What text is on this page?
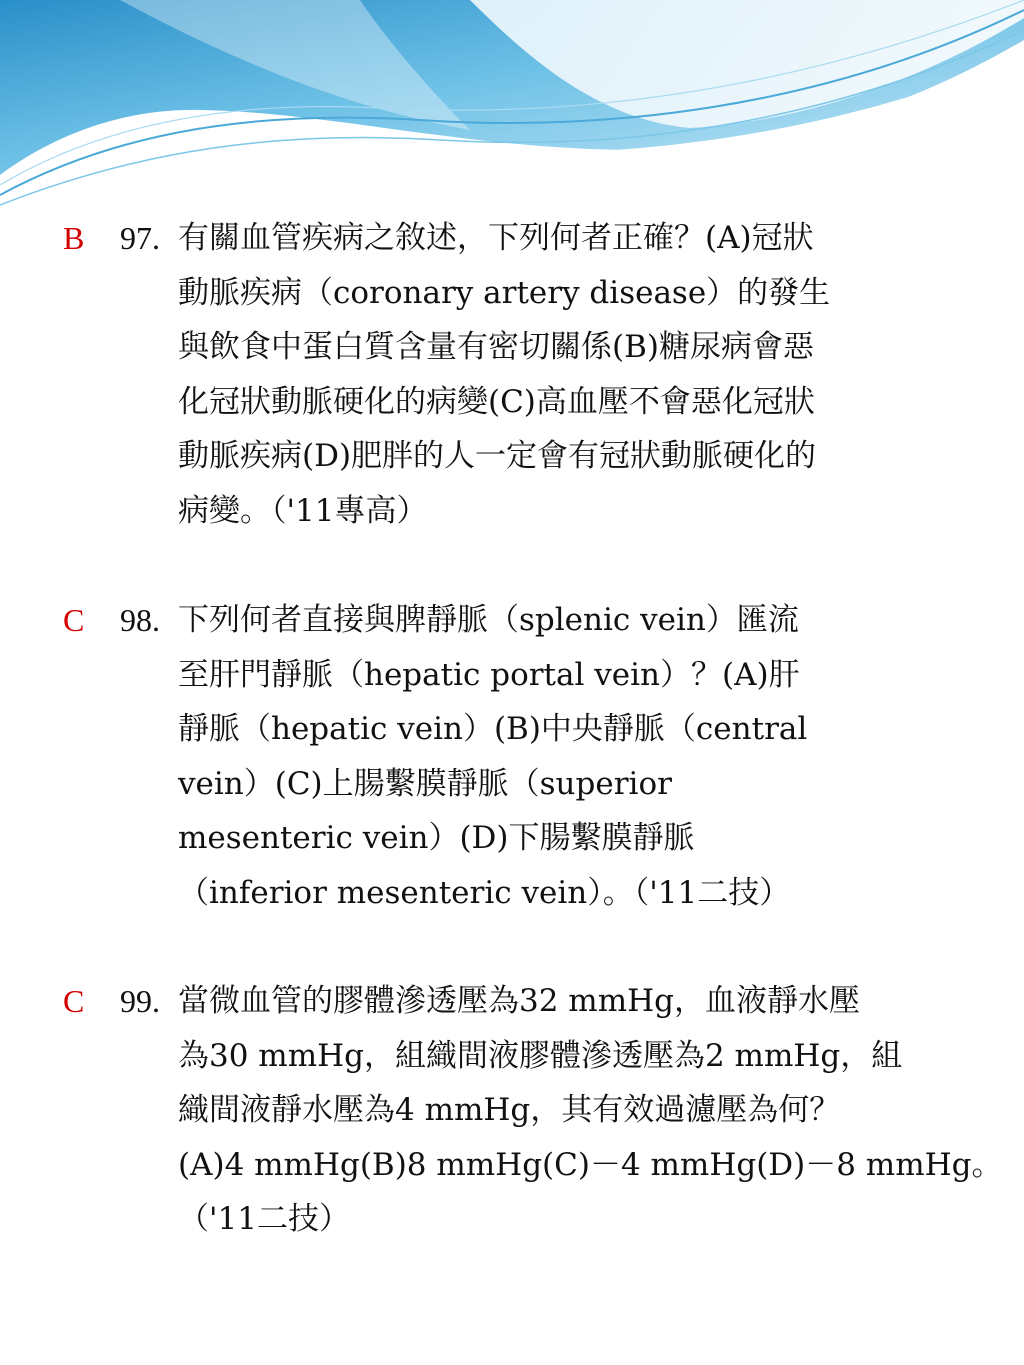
B 97. 有關血管疾病之敘述，下列何者正確？(A)冠狀
動脈疾病（coronary artery disease）的發生
與飲食中蛋白質含量有密切關係(B)糖尿病會惡
化冠狀動脈硬化的病變(C)高血壓不會惡化冠狀
動脈疾病(D)肥胖的人一定會有冠狀動脈硬化的
病變。（'11專高）
C 98. 下列何者直接與脾靜脈（splenic vein）匯流
至肝門靜脈（hepatic portal vein）？(A)肝
靜脈（hepatic vein）(B)中央靜脈（central
vein）(C)上腸繫膜靜脈（superior
mesenteric vein）(D)下腸繫膜靜脈
（inferior mesenteric vein）。（'11二技）
C 99. 當微血管的膠體滲透壓為32 mmHg，血液靜水壓
為30 mmHg，組織間液膠體滲透壓為2 mmHg，組
織間液靜水壓為4 mmHg，其有效過濾壓為何？
(A)4 mmHg(B)8 mmHg(C)－4 mmHg(D)－8 mmHg。
（'11二技）
